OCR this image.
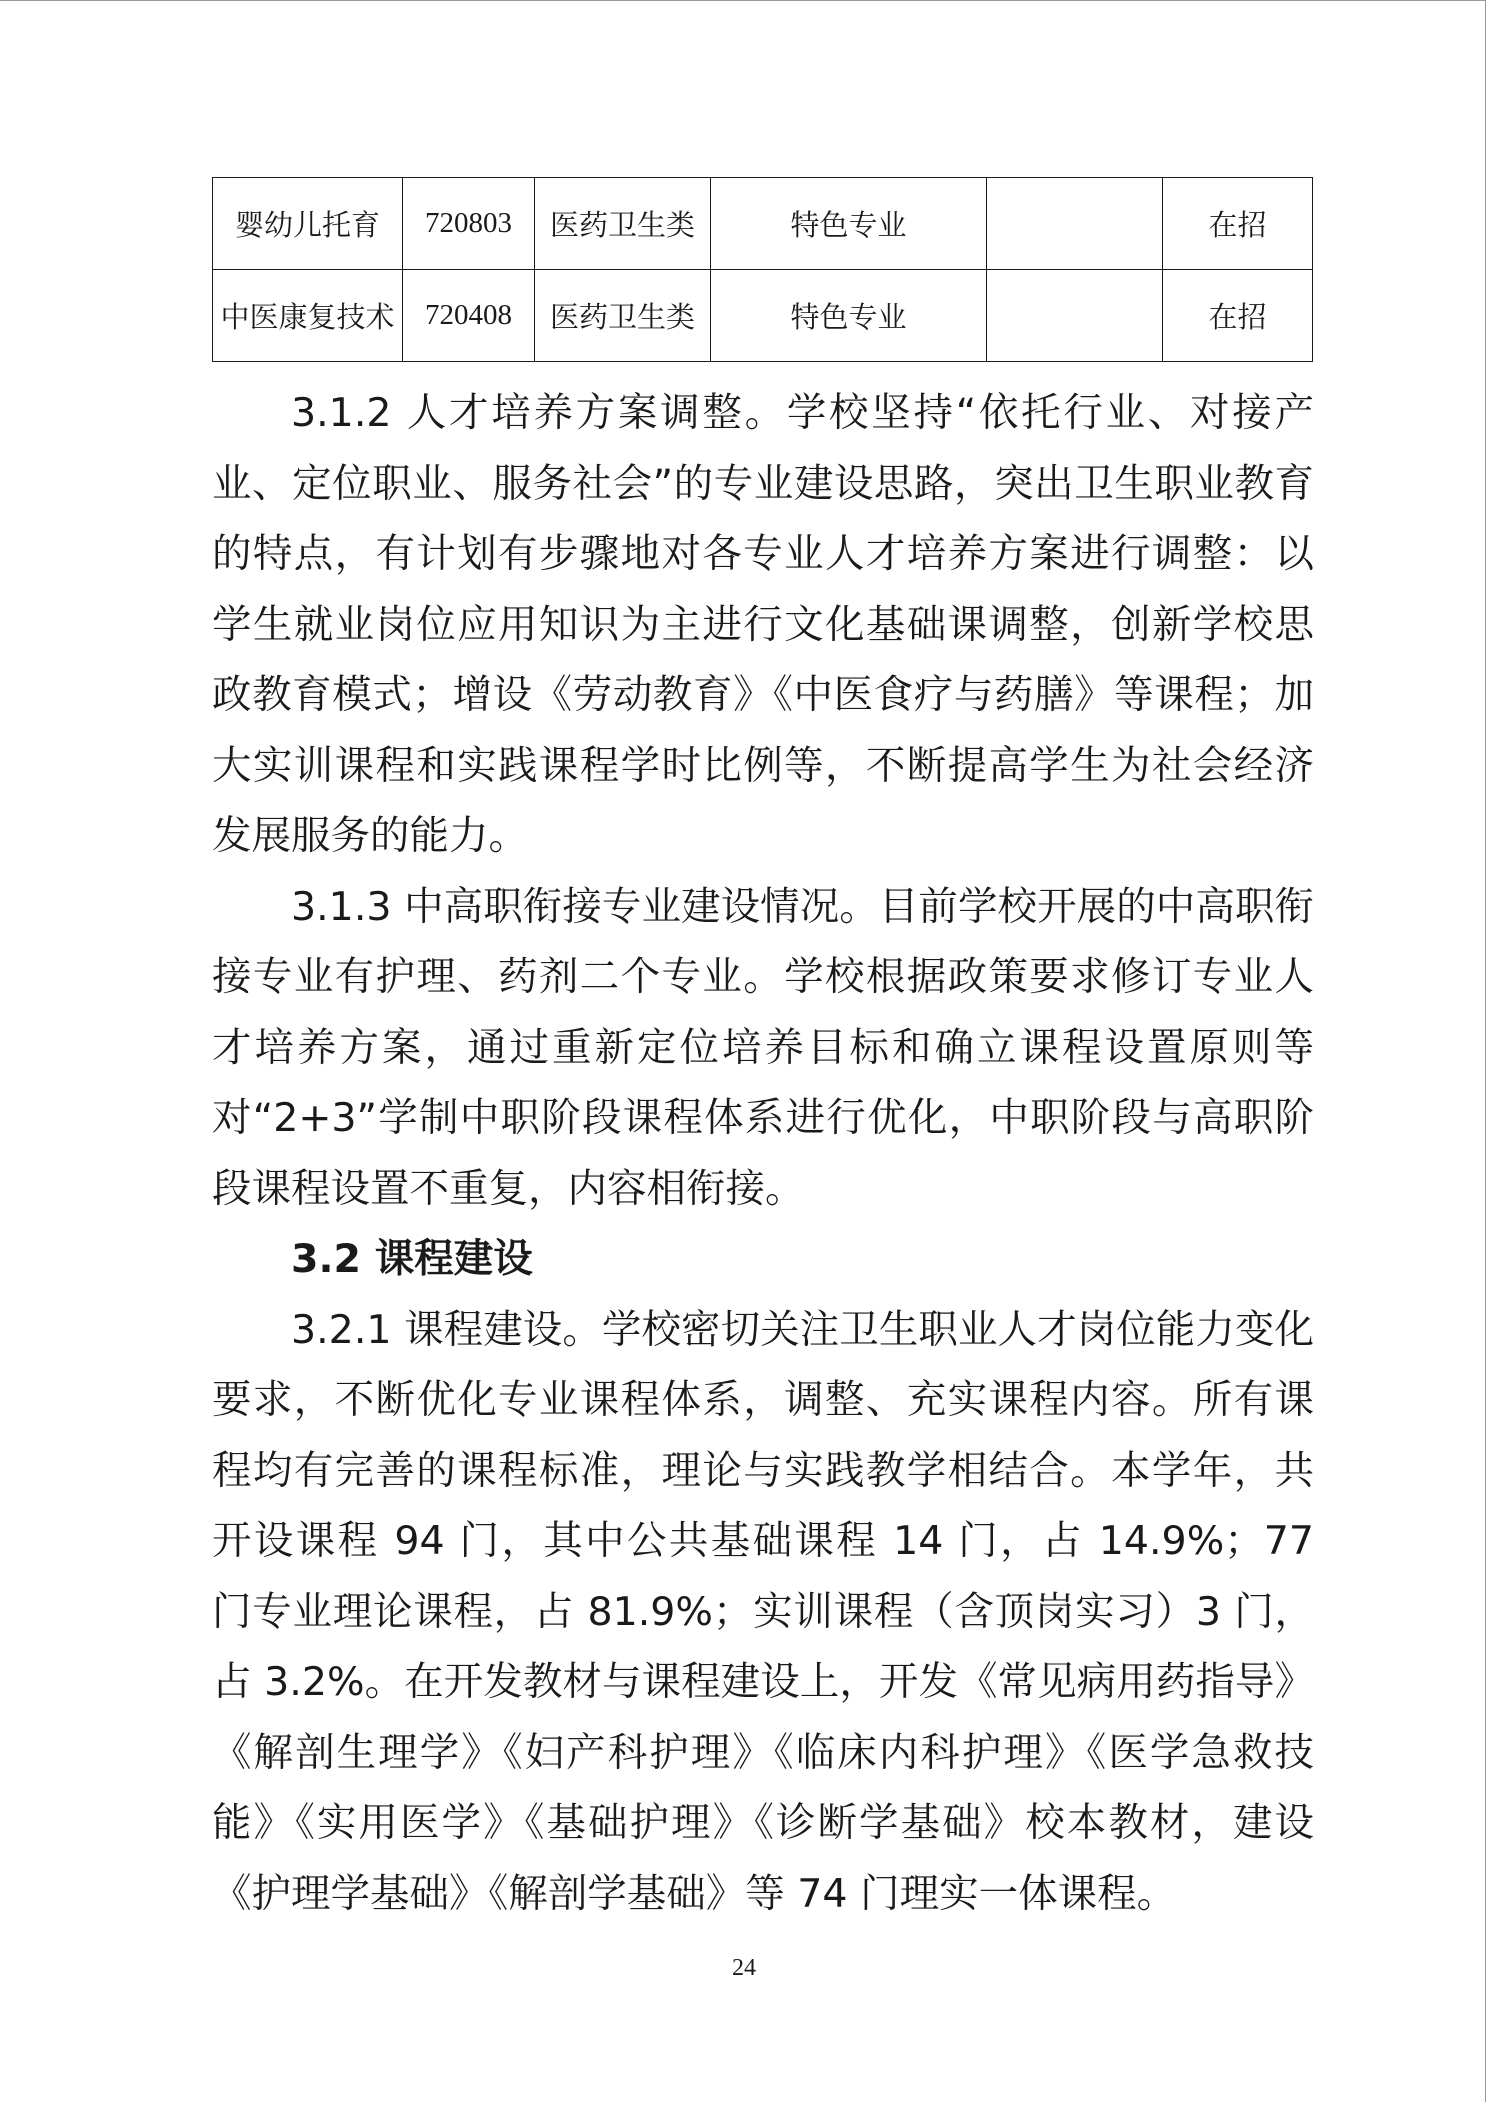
婴幼儿托育	720803	医药卫生类	特色专业		在招
中医康复技术	720408	医药卫生类	特色专业		在招

3.1.2 人才培养方案调整。学校坚持“依托行业、对接产业、定位职业、服务社会”的专业建设思路，突出卫生职业教育的特点，有计划有步骤地对各专业人才培养方案进行调整：以学生就业岗位应用知识为主进行文化基础课调整，创新学校思政教育模式；增设《劳动教育》《中医食疗与药膳》等课程；加大实训课程和实践课程学时比例等，不断提高学生为社会经济发展服务的能力。

3.1.3 中高职衔接专业建设情况。目前学校开展的中高职衔接专业有护理、药剂二个专业。学校根据政策要求修订专业人才培养方案，通过重新定位培养目标和确立课程设置原则等对“2+3”学制中职阶段课程体系进行优化，中职阶段与高职阶段课程设置不重复，内容相衔接。

3.2 课程建设

3.2.1 课程建设。学校密切关注卫生职业人才岗位能力变化要求，不断优化专业课程体系，调整、充实课程内容。所有课程均有完善的课程标准，理论与实践教学相结合。本学年，共开设课程 94 门，其中公共基础课程 14 门，占 14.9%；77 门专业理论课程，占 81.9%；实训课程（含顶岗实习）3 门，占 3.2%。在开发教材与课程建设上，开发《常见病用药指导》《解剖生理学》《妇产科护理》《临床内科护理》《医学急救技能》《实用医学》《基础护理》《诊断学基础》校本教材，建设《护理学基础》《解剖学基础》等 74 门理实一体课程。

24
